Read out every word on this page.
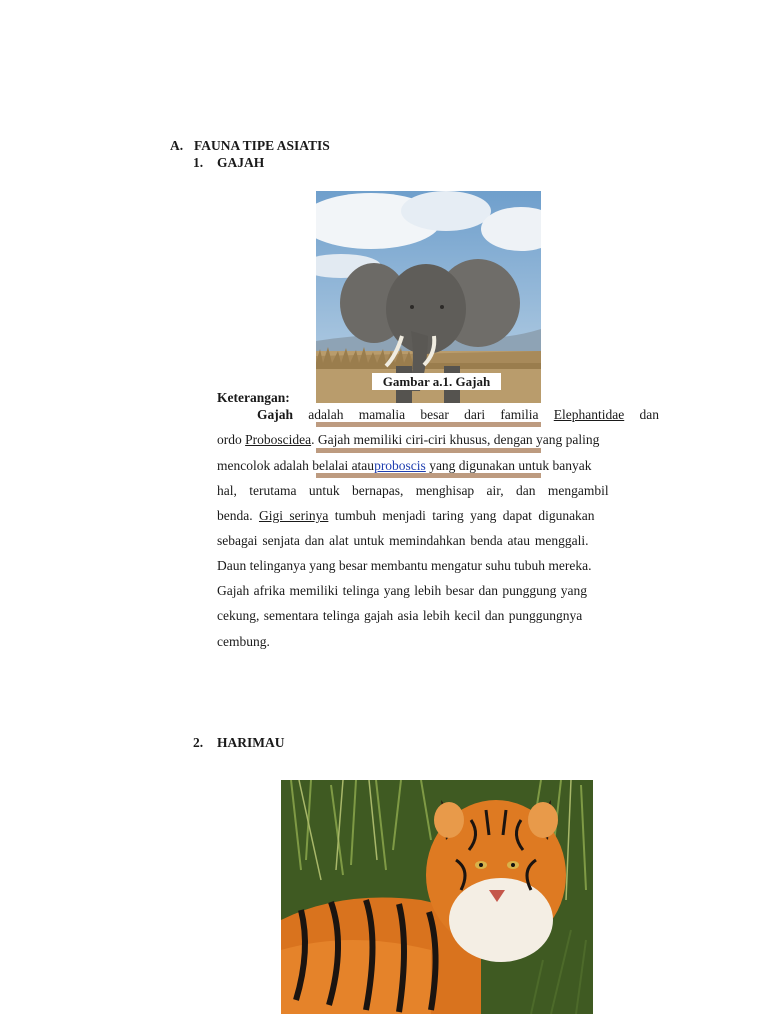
A. FAUNA TIPE ASIATIS
1. GAJAH
Gambar a.1. Gajah
Keterangan:
Gajah adalah mamalia besar dari familia Elephantidae dan
ordo Proboscidea. Gajah memiliki ciri-ciri khusus, dengan yang paling
mencolok adalah belalai atauproboscis yang digunakan untuk banyak
hal, terutama untuk bernapas, menghisap air, dan mengambil
benda. Gigi serinya tumbuh menjadi taring yang dapat digunakan
sebagai senjata dan alat untuk memindahkan benda atau menggali.
Daun telinganya yang besar membantu mengatur suhu tubuh mereka.
Gajah afrika memiliki telinga yang lebih besar dan punggung yang
cekung, sementara telinga gajah asia lebih kecil dan punggungnya
cembung.
2. HARIMAU
